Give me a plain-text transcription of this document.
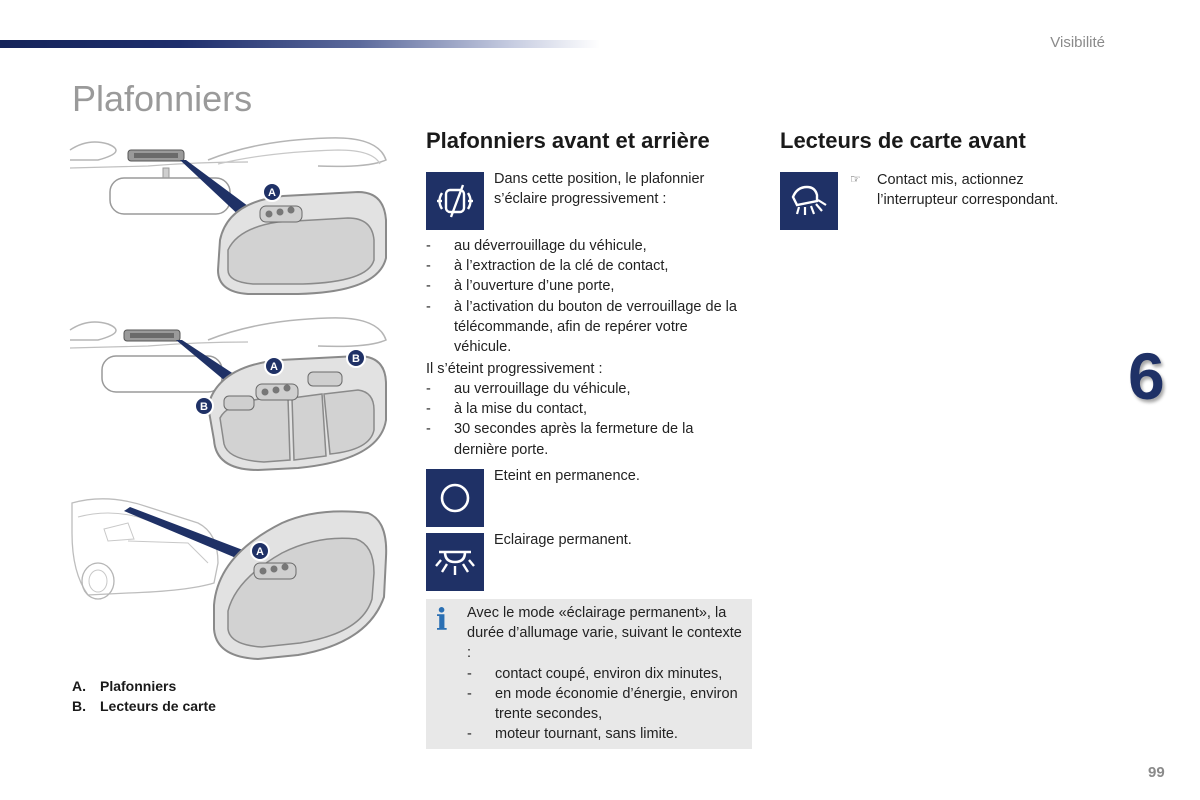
Visibilité
Plafonniers
A
A
B
B
A
A.	Plafonniers
B.	Lecteurs de carte
Plafonniers avant et arrière
Dans cette position, le plafonnier s’éclaire progressivement :
- au déverrouillage du véhicule,
- à l’extraction de la clé de contact,
- à l’ouverture d’une porte,
- à l’activation du bouton de verrouillage de la télécommande, afin de repérer votre véhicule.
Il s’éteint progressivement :
- au verrouillage du véhicule,
- à la mise du contact,
- 30 secondes après la fermeture de la dernière porte.
Eteint en permanence.
Eclairage permanent.
i Avec le mode «éclairage permanent», la durée d’allumage varie, suivant le contexte :
- contact coupé, environ dix minutes,
- en mode économie d’énergie, environ trente secondes,
- moteur tournant, sans limite.
Lecteurs de carte avant
☞ Contact mis, actionnez l’interrupteur correspondant.
6
99
